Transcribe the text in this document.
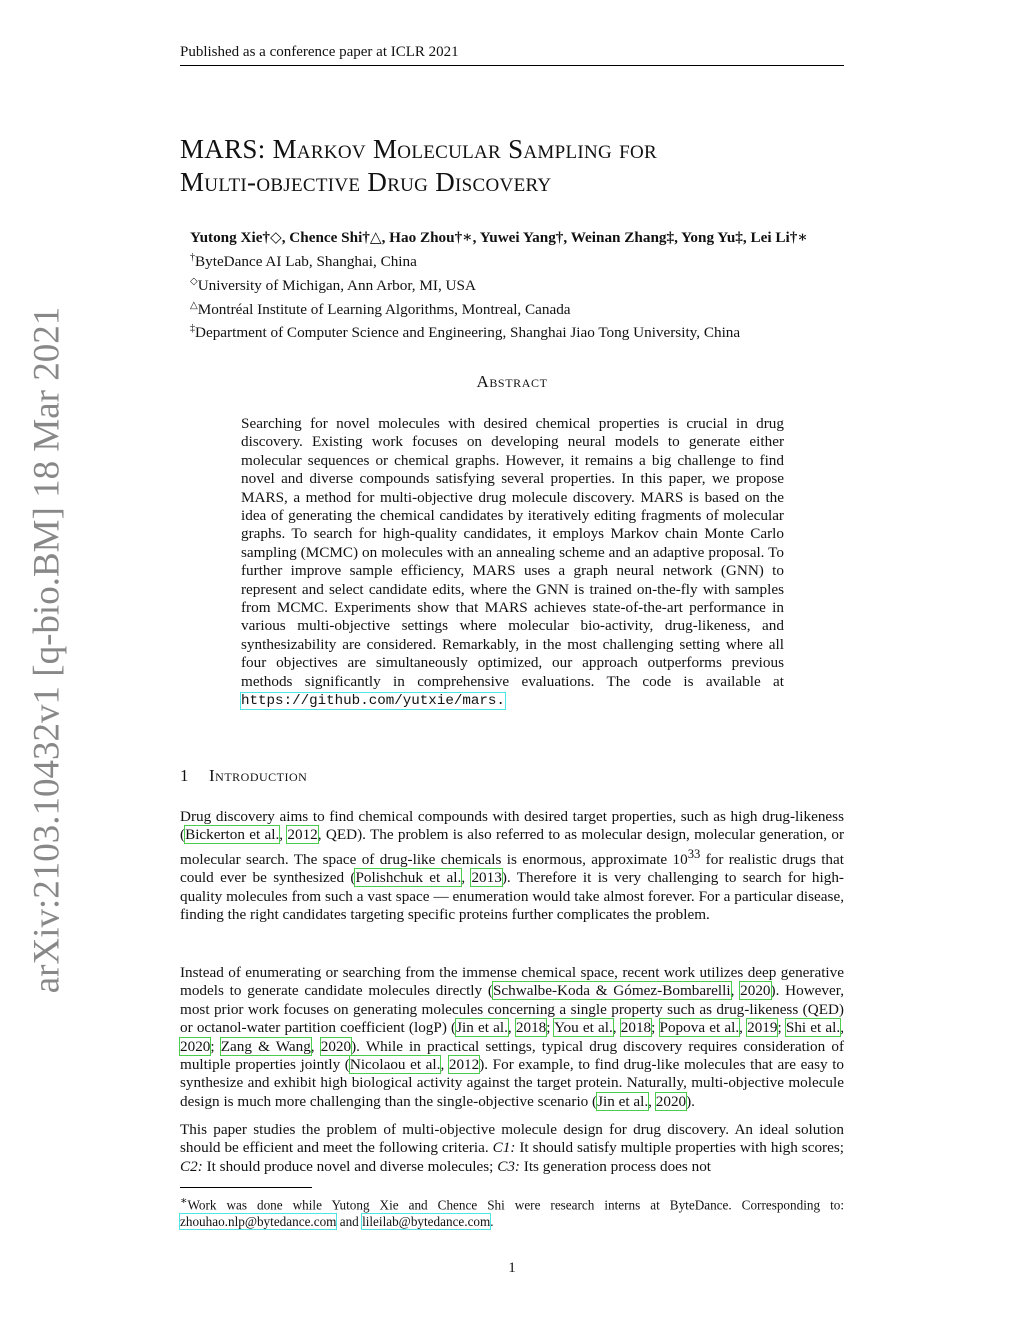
Published as a conference paper at ICLR 2021
MARS: Markov Molecular Sampling for
Multi-objective Drug Discovery
Yutong Xie†◇, Chence Shi†△, Hao Zhou†∗, Yuwei Yang†, Weinan Zhang‡, Yong Yu‡, Lei Li†∗
†ByteDance AI Lab, Shanghai, China
◇University of Michigan, Ann Arbor, MI, USA
△Montréal Institute of Learning Algorithms, Montreal, Canada
‡Department of Computer Science and Engineering, Shanghai Jiao Tong University, China
arXiv:2103.10432v1 [q-bio.BM] 18 Mar 2021	Abstract
Searching for novel molecules with desired chemical properties is crucial in drug discovery. Existing work focuses on developing neural models to generate either molecular sequences or chemical graphs. However, it remains a big challenge to find novel and diverse compounds satisfying several properties. In this paper, we propose MARS, a method for multi-objective drug molecule discovery. MARS is based on the idea of generating the chemical candidates by iteratively editing fragments of molecular graphs. To search for high-quality candidates, it employs Markov chain Monte Carlo sampling (MCMC) on molecules with an annealing scheme and an adaptive proposal. To further improve sample efficiency, MARS uses a graph neural network (GNN) to represent and select candidate edits, where the GNN is trained on-the-fly with samples from MCMC. Experiments show that MARS achieves state-of-the-art performance in various multi-objective settings where molecular bio-activity, drug-likeness, and synthesizability are considered. Remarkably, in the most challenging setting where all four objectives are simultaneously optimized, our approach outperforms previous methods significantly in comprehensive evaluations. The code is available at https://github.com/yutxie/mars.
1 Introduction

Drug discovery aims to find chemical compounds with desired target properties, such as high drug-likeness (Bickerton et al., 2012, QED). The problem is also referred to as molecular design, molecular generation, or molecular search. The space of drug-like chemicals is enormous, approximate $10^{33}$ for realistic drugs that could ever be synthesized (Polishchuk et al., 2013). Therefore it is very challenging to search for high-quality molecules from such a vast space — enumeration would take almost forever. For a particular disease, finding the right candidates targeting specific proteins further complicates the problem.

Instead of enumerating or searching from the immense chemical space, recent work utilizes deep generative models to generate candidate molecules directly (Schwalbe-Koda & Gómez-Bombarelli, 2020). However, most prior work focuses on generating molecules concerning a single property such as drug-likeness (QED) or octanol-water partition coefficient (logP) (Jin et al., 2018; You et al., 2018; Popova et al., 2019; Shi et al., 2020; Zang & Wang, 2020). While in practical settings, typical drug discovery requires consideration of multiple properties jointly (Nicolaou et al., 2012). For example, to find drug-like molecules that are easy to synthesize and exhibit high biological activity against the target protein. Naturally, multi-objective molecule design is much more challenging than the single-objective scenario (Jin et al., 2020).

This paper studies the problem of multi-objective molecule design for drug discovery. An ideal solution should be efficient and meet the following criteria. C1: It should satisfy multiple properties with high scores; C2: It should produce novel and diverse molecules; C3: Its generation process does not

∗Work was done while Yutong Xie and Chence Shi were research interns at ByteDance. Corresponding to: zhouhao.nlp@bytedance.com and lileilab@bytedance.com.
1
